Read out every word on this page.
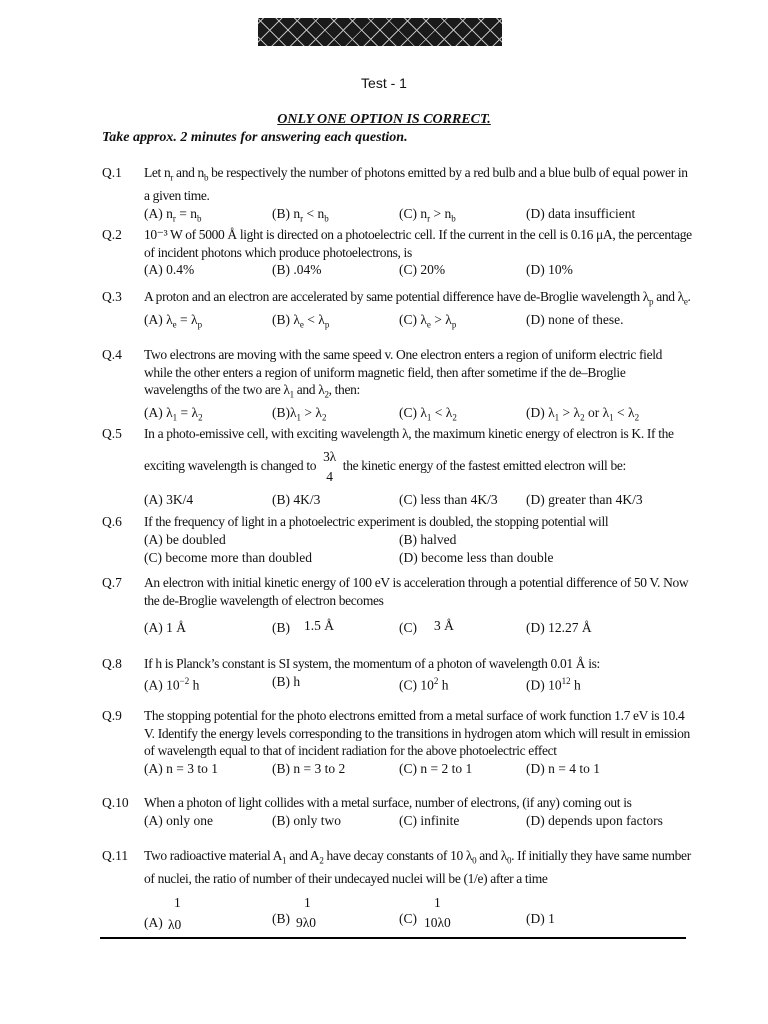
Test - 1
ONLY ONE OPTION IS CORRECT.
Take approx. 2 minutes for answering each question.
Q.1 Let $n_r$ and $n_b$ be respectively the number of photons emitted by a red bulb and a blue bulb of equal power in a given time.
(A) $n_r = n_b$	(B) $n_r < n_b$	(C) $n_r > n_b$	(D) data insufficient
Q.2 10⁻³ W of 5000 Å light is directed on a photoelectric cell. If the current in the cell is 0.16 μA, the percentage of incident photons which produce photoelectrons, is
(A) 0.4%	(B) .04%	(C) 20%	(D) 10%
Q.3 A proton and an electron are accelerated by same potential difference have de-Broglie wavelength $\lambda_p$ and $\lambda_e$.
(A) $\lambda_e = \lambda_p$	(B) $\lambda_e < \lambda_p$	(C) $\lambda_e > \lambda_p$	(D) none of these.
Q.4 Two electrons are moving with the same speed v. One electron enters a region of uniform electric field while the other enters a region of uniform magnetic field, then after sometime if the de–Broglie wavelengths of the two are $\lambda_1$ and $\lambda_2$, then:
(A) $\lambda_1 = \lambda_2$	$(B)\lambda_1 > \lambda_2$	(C) $\lambda_1 < \lambda_2$	(D) $\lambda_1 > \lambda_2$ or $\lambda_1 < \lambda_2$
Q.5 In a photo-emissive cell, with exciting wavelength λ, the maximum kinetic energy of electron is K. If the
exciting wavelength is changed to
3λ
4
the kinetic energy of the fastest emitted electron will be:
(A) 3K/4	(B) 4K/3	(C) less than 4K/3 (D) greater than 4K/3
Q.6 If the frequency of light in a photoelectric experiment is doubled, the stopping potential will
(A) be doubled	(B) halved
(C) become more than doubled	(D) become less than double
Q.7 An electron with initial kinetic energy of 100 eV is acceleration through a potential difference of 50 V. Now the de-Broglie wavelength of electron becomes
(A) 1 Å	(B) 1.5 Å	(C) 3 Å	(D) 12.27 Å
Q.8 If h is Planck’s constant is SI system, the momentum of a photon of wavelength 0.01 Å is:
(A) $10^{-2}$ h	(B) h	(C) $10^2$ h	(D) $10^{12}$ h
Q.9 The stopping potential for the photo electrons emitted from a metal surface of work function 1.7 eV is 10.4 V. Identify the energy levels corresponding to the transitions in hydrogen atom which will result in emission of wavelength equal to that of incident radiation for the above photoelectric effect
(A) n = 3 to 1	(B) n = 3 to 2	(C) n = 2 to 1	(D) n = 4 to 1
Q.10 When a photon of light collides with a metal surface, number of electrons, (if any) coming out is
(A) only one	(B) only two	(C) infinite	(D) depends upon factors
Q.11 Two radioactive material $A_1$ and $A_2$ have decay constants of 10 $\lambda_0$ and $\lambda_0$. If initially they have same number of nuclei, the ratio of number of their undecayed nuclei will be (1/e) after a time
(A)
1
λ0	(B)
1
9λ0	(C)
1
10λ0	(D) 1
